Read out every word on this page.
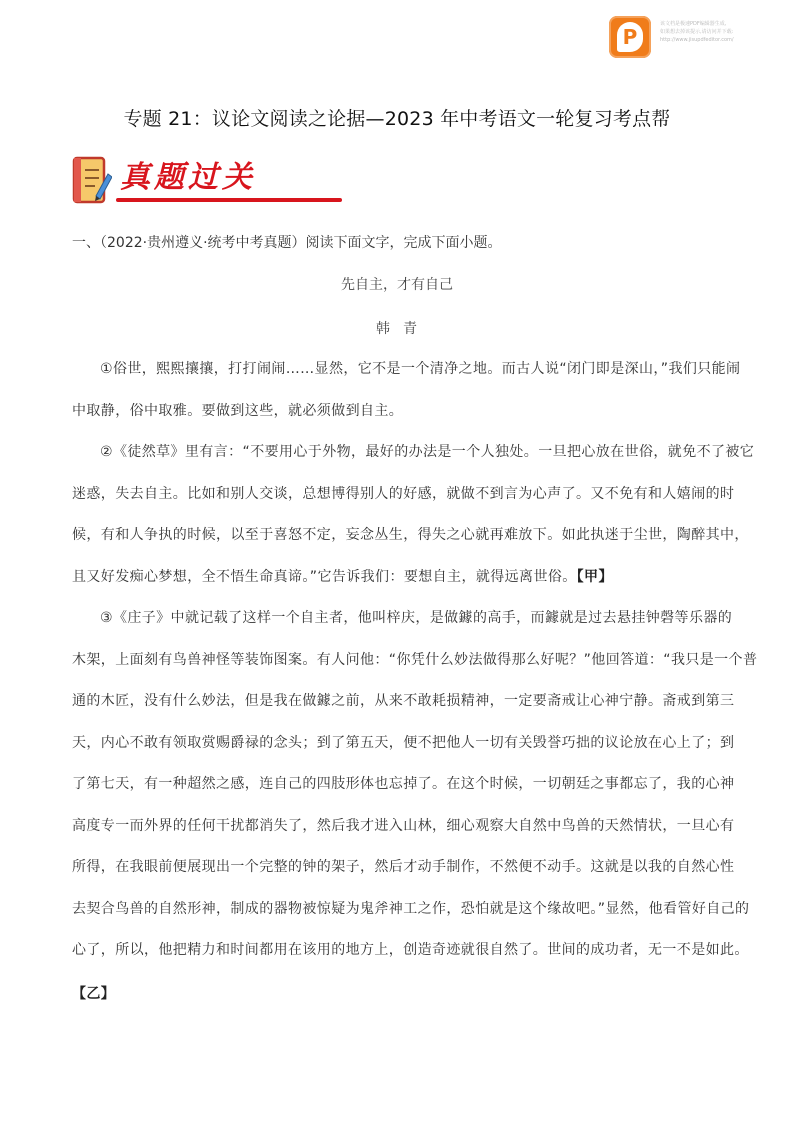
P
该文档是极速PDF编辑器生成,
如果想去掉该提示,请访问并下载:
http://www.jisupdfeditor.com/
专题 21：议论文阅读之论据—2023 年中考语文一轮复习考点帮
真题过关
一、（2022·贵州遵义·统考中考真题）阅读下面文字，完成下面小题。
先自主，才有自己
韩 青
①俗世，熙熙攘攘，打打闹闹……显然，它不是一个清净之地。而古人说“闭门即是深山，”我们只能闹
中取静，俗中取雅。要做到这些，就必须做到自主。
②《徒然草》里有言：“不要用心于外物，最好的办法是一个人独处。一旦把心放在世俗，就免不了被它
迷惑，失去自主。比如和别人交谈，总想博得别人的好感，就做不到言为心声了。又不免有和人嬉闹的时
候，有和人争执的时候，以至于喜怒不定，妄念丛生，得失之心就再难放下。如此执迷于尘世，陶醉其中，
且又好发痴心梦想，全不悟生命真谛。”它告诉我们：要想自主，就得远离世俗。【甲】
③《庄子》中就记载了这样一个自主者，他叫梓庆，是做鐻的高手，而鐻就是过去悬挂钟磬等乐器的
木架，上面刻有鸟兽神怪等装饰图案。有人问他：“你凭什么妙法做得那么好呢？”他回答道：“我只是一个普
通的木匠，没有什么妙法，但是我在做鐻之前，从来不敢耗损精神，一定要斋戒让心神宁静。斋戒到第三
天，内心不敢有领取赏赐爵禄的念头；到了第五天，便不把他人一切有关毁誉巧拙的议论放在心上了；到
了第七天，有一种超然之感，连自己的四肢形体也忘掉了。在这个时候，一切朝廷之事都忘了，我的心神
高度专一而外界的任何干扰都消失了，然后我才进入山林，细心观察大自然中鸟兽的天然情状，一旦心有
所得，在我眼前便展现出一个完整的钟的架子，然后才动手制作，不然便不动手。这就是以我的自然心性
去契合鸟兽的自然形神，制成的器物被惊疑为鬼斧神工之作，恐怕就是这个缘故吧。”显然，他看管好自己的
心了，所以，他把精力和时间都用在该用的地方上，创造奇迹就很自然了。世间的成功者，无一不是如此。
【乙】
